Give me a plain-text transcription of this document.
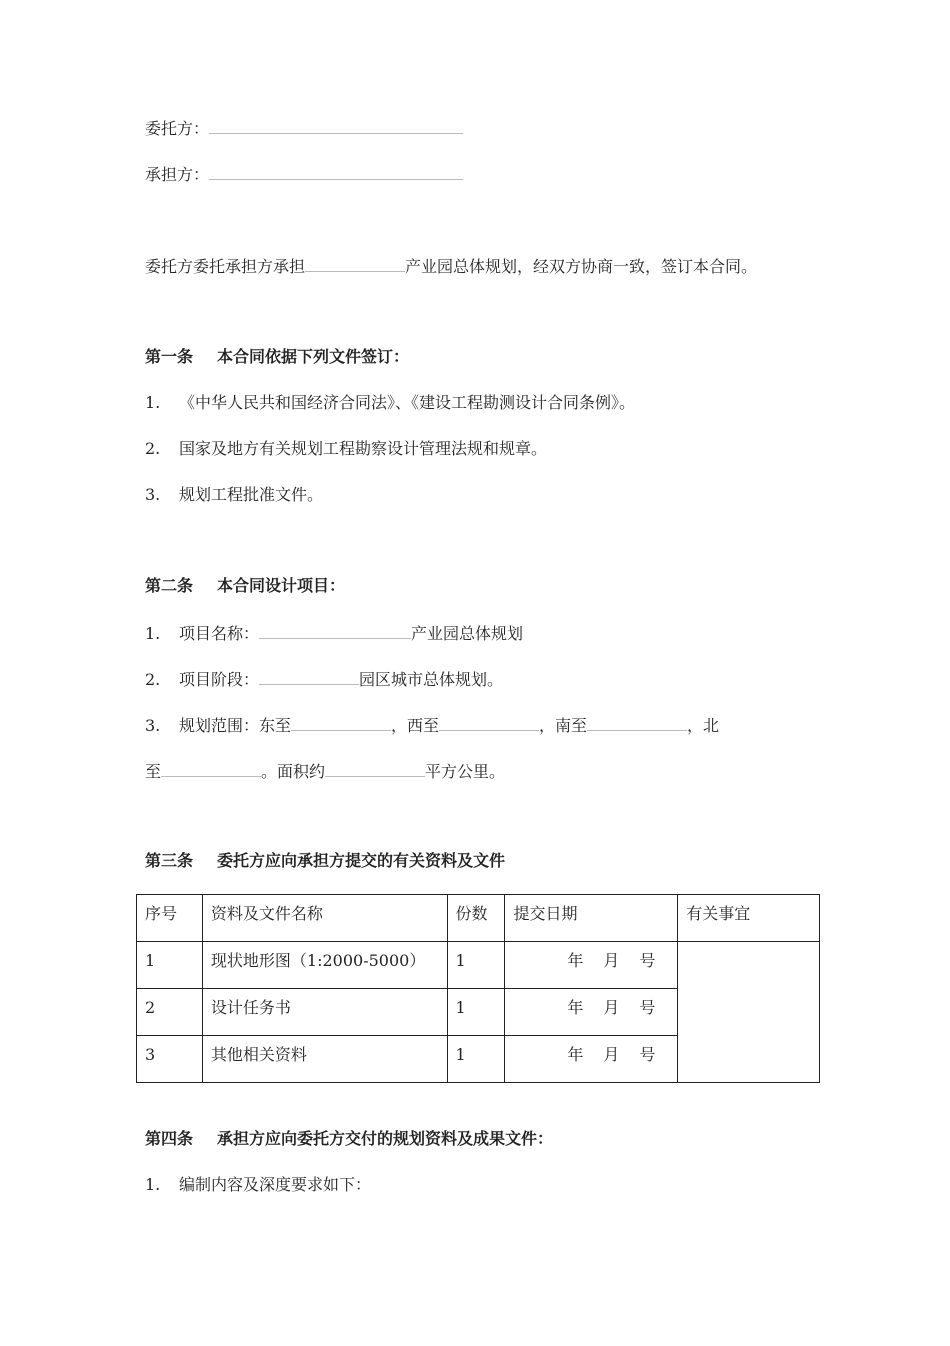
委托方：
承担方：
委托方委托承担方承担	产业园总体规划，经双方协商一致，签订本合同。
第一条 本合同依据下列文件签订：
1. 《中华人民共和国经济合同法》、《建设工程勘测设计合同条例》。
2. 国家及地方有关规划工程勘察设计管理法规和规章。
3. 规划工程批准文件。
第二条 本合同设计项目：
1. 项目名称：	产业园总体规划
2. 项目阶段：	园区城市总体规划。
3. 规划范围：东至	，西至	，南至	，北
至	。面积约	平方公里。
第三条 委托方应向承担方提交的有关资料及文件
序号	资料及文件名称	份数	提交日期	有关事宜
1	现状地形图（1:2000-5000）	1	年 月 号	
2	设计任务书	1	年 月 号	
3	其他相关资料	1	年 月 号	
第四条 承担方应向委托方交付的规划资料及成果文件：
1. 编制内容及深度要求如下：
